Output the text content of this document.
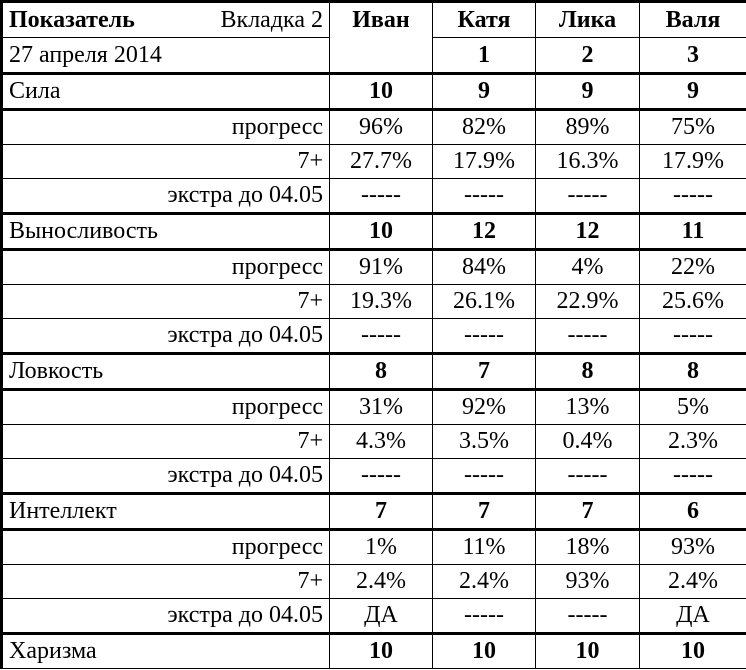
Показатель Вкладка 2	Иван	Катя	Лика	Валя
27 апреля 2014		1	2	3
Сила	10	9	9	9
прогресс	96%	82%	89%	75%
7+	27.7%	17.9%	16.3%	17.9%
экстра до 04.05	-----	-----	-----	-----
Выносливость	10	12	12	11
прогресс	91%	84%	4%	22%
7+	19.3%	26.1%	22.9%	25.6%
экстра до 04.05	-----	-----	-----	-----
Ловкость	8	7	8	8
прогресс	31%	92%	13%	5%
7+	4.3%	3.5%	0.4%	2.3%
экстра до 04.05	-----	-----	-----	-----
Интеллект	7	7	7	6
прогресс	1%	11%	18%	93%
7+	2.4%	2.4%	93%	2.4%
экстра до 04.05	ДА	-----	-----	ДА
Харизма	10	10	10	10
